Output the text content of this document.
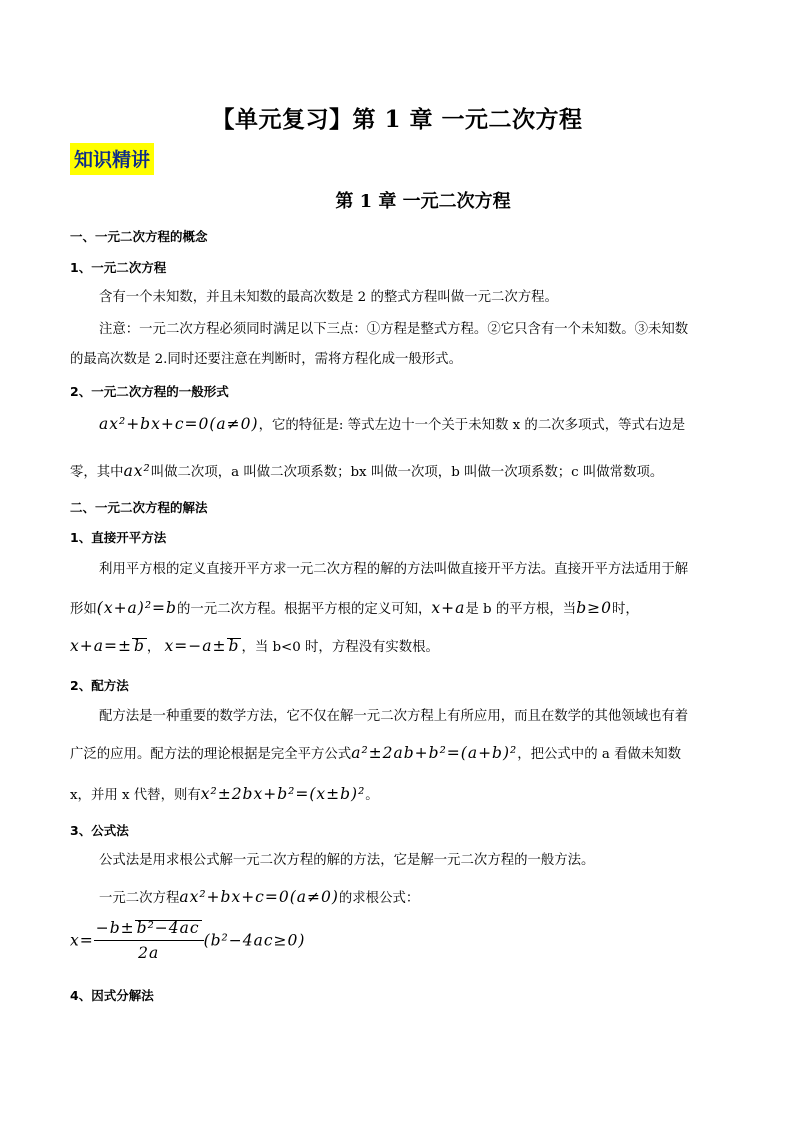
【单元复习】第 1 章 一元二次方程
知识精讲
第 1 章 一元二次方程
一、一元二次方程的概念
1、一元二次方程
含有一个未知数，并且未知数的最高次数是 2 的整式方程叫做一元二次方程。
注意：一元二次方程必须同时满足以下三点：①方程是整式方程。②它只含有一个未知数。③未知数
的最高次数是 2.同时还要注意在判断时，需将方程化成一般形式。
2、一元二次方程的一般形式
ax²+bx+c=0(a≠0)，它的特征是: 等式左边十一个关于未知数 x 的二次多项式，等式右边是
零，其中ax²叫做二次项，a 叫做二次项系数；bx 叫做一次项，b 叫做一次项系数；c 叫做常数项。
二、一元二次方程的解法
1、直接开平方法
利用平方根的定义直接开平方求一元二次方程的解的方法叫做直接开平方法。直接开平方法适用于解
形如(x+a)²=b的一元二次方程。根据平方根的定义可知，x+a是 b 的平方根，当b≥0时，
x+a=± b ， x=−a± b ，当 b<0 时，方程没有实数根。
2、配方法
配方法是一种重要的数学方法，它不仅在解一元二次方程上有所应用，而且在数学的其他领域也有着
广泛的应用。配方法的理论根据是完全平方公式a²±2ab+b²=(a+b)²，把公式中的 a 看做未知数
x，并用 x 代替，则有x²±2bx+b²=(x±b)²。
3、公式法
公式法是用求根公式解一元二次方程的解的方法，它是解一元二次方程的一般方法。
一元二次方程ax²+bx+c=0(a≠0)的求根公式：
$x= \frac{\text{−b± b²−4ac}}{2a} (b^2-4ac\ge 0)$
4、因式分解法
